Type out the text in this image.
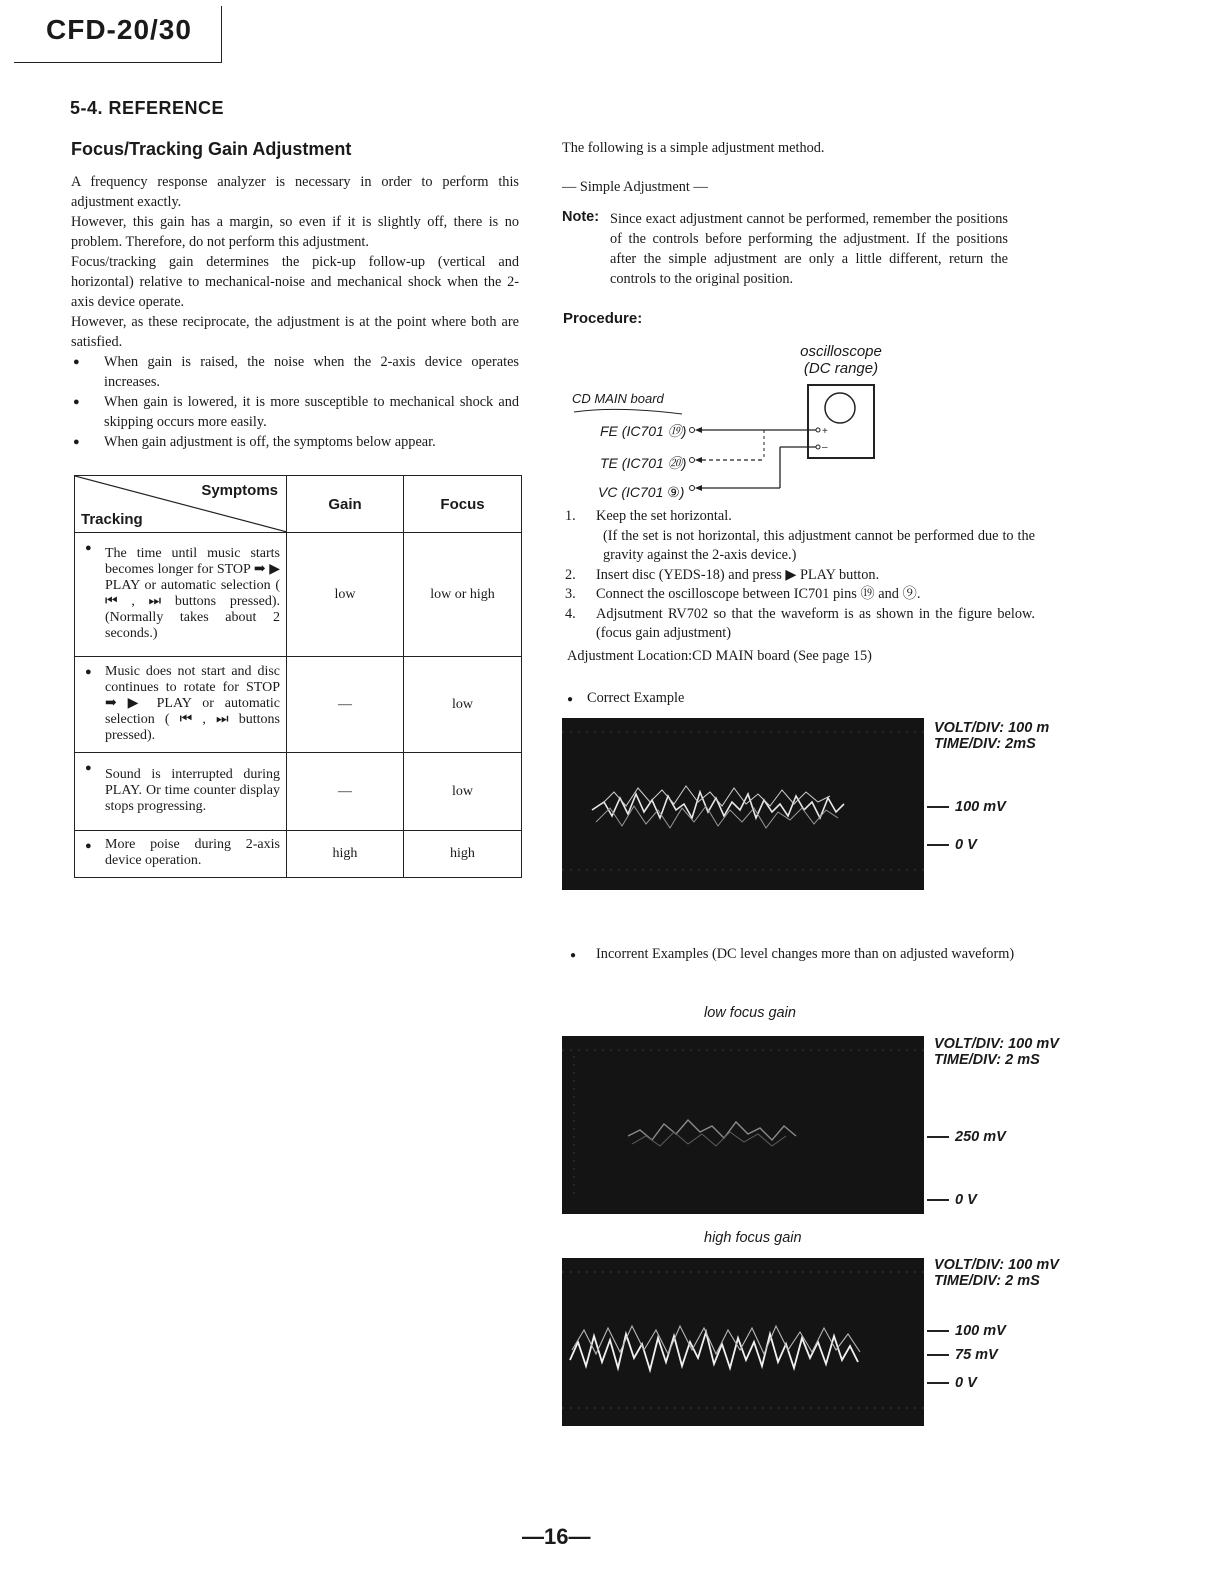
CFD-20/30
5-4. REFERENCE
Focus/Tracking Gain Adjustment

A frequency response analyzer is necessary in order to perform this adjustment exactly.

However, this gain has a margin, so even if it is slightly off, there is no problem. Therefore, do not perform this adjustment.

Focus/tracking gain determines the pick-up follow-up (vertical and horizontal) relative to mechanical-noise and mechanical shock when the 2-axis device operate.

However, as these reciprocate, the adjustment is at the point where both are satisfied.

● When gain is raised, the noise when the 2-axis device operates increases.
● When gain is lowered, it is more susceptible to mechanical shock and skipping occurs more easily.
● When gain adjustment is off, the symptoms below appear.
Symptoms
Tracking	Gain	Focus
● The time until music starts becomes longer for STOP ➡ ▶ PLAY or automatic selection ( ⏮ , ⏭ buttons pressed). (Normally takes about 2 seconds.)	low	low or high
● Music does not start and disc continues to rotate for STOP ➡ ▶ PLAY or automatic selection ( ⏮ , ⏭ buttons pressed).	—	low
● Sound is interrupted during PLAY. Or time counter display stops progressing.	—	low
● More poise during 2-axis device operation.	high	high
The following is a simple adjustment method.
— Simple Adjustment —
Note: Since exact adjustment cannot be performed, remember the positions of the controls before performing the adjustment. If the positions after the simple adjustment are only a little different, return the controls to the original position.
Procedure:
oscilloscope
(DC range)
+
–
CD MAIN board
FE (IC701 ⑲)
TE (IC701 ⑳)
VC (IC701 ⑨)
1. Keep the set horizontal.
(If the set is not horizontal, this adjustment cannot be performed due to the gravity against the 2-axis device.)
2. Insert disc (YEDS-18) and press ▶ PLAY button.
3. Connect the oscilloscope between IC701 pins ⑲ and ⑨.
4. Adjsutment RV702 so that the waveform is as shown in the figure below. (focus gain adjustment)
Adjustment Location:CD MAIN board (See page 15)
● Correct Example
VOLT/DIV: 100 m
TIME/DIV: 2mS
100 mV
0 V
● Incorrent Examples (DC level changes more than on adjusted waveform)
low focus gain
VOLT/DIV: 100 mV
TIME/DIV: 2 mS
250 mV
0 V
high focus gain
VOLT/DIV: 100 mV
TIME/DIV: 2 mS
100 mV
75 mV
0 V
—16—
